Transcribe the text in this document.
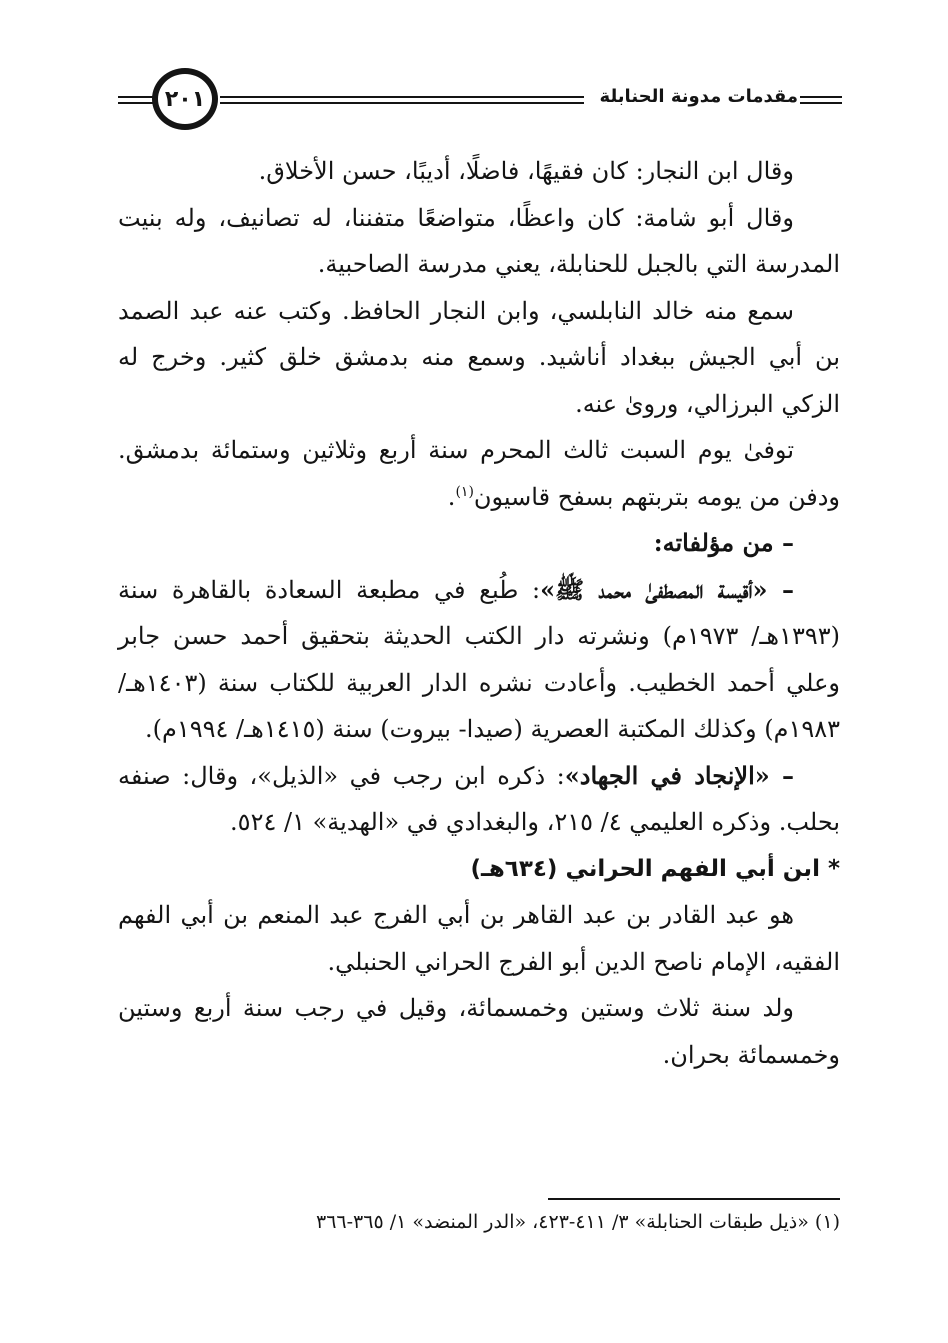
مقدمات مدونة الحنابلة
٢٠١

وقال ابن النجار: كان فقيهًا، فاضلًا، أديبًا، حسن الأخلاق.

وقال أبو شامة: كان واعظًا، متواضعًا متفننا، له تصانيف، وله بنيت المدرسة التي بالجبل للحنابلة، يعني مدرسة الصاحبية.

سمع منه خالد النابلسي، وابن النجار الحافظ. وكتب عنه عبد الصمد بن أبي الجيش ببغداد أناشيد. وسمع منه بدمشق خلق كثير. وخرج له الزكي البرزالي، وروىٰ عنه.

توفىٰ يوم السبت ثالث المحرم سنة أربع وثلاثين وستمائة بدمشق. ودفن من يومه بتربتهم بسفح قاسيون$^{(١)}$.

– من مؤلفاته:

– «أقيسة المصطفىٰ محمد ﷺ»: طُبع في مطبعة السعادة بالقاهرة سنة (١٣٩٣هـ/ ١٩٧٣م) ونشرته دار الكتب الحديثة بتحقيق أحمد حسن جابر وعلي أحمد الخطيب. وأعادت نشره الدار العربية للكتاب سنة (١٤٠٣هـ/ ١٩٨٣م) وكذلك المكتبة العصرية (صيدا- بيروت) سنة (١٤١٥هـ/ ١٩٩٤م).

– «الإنجاد في الجهاد»: ذكره ابن رجب في «الذيل»، وقال: صنفه بحلب. وذكره العليمي ٤/ ٢١٥، والبغدادي في «الهدية» ١/ ٥٢٤.

* ابن أبي الفهم الحراني (٦٣٤هـ)

هو عبد القادر بن عبد القاهر بن أبي الفرج عبد المنعم بن أبي الفهم الفقيه، الإمام ناصح الدين أبو الفرج الحراني الحنبلي.

ولد سنة ثلاث وستين وخمسمائة، وقيل في رجب سنة أربع وستين وخمسمائة بحران.

(١) «ذيل طبقات الحنابلة» ٣/ ٤١١-٤٢٣، «الدر المنضد» ١/ ٣٦٥-٣٦٦
